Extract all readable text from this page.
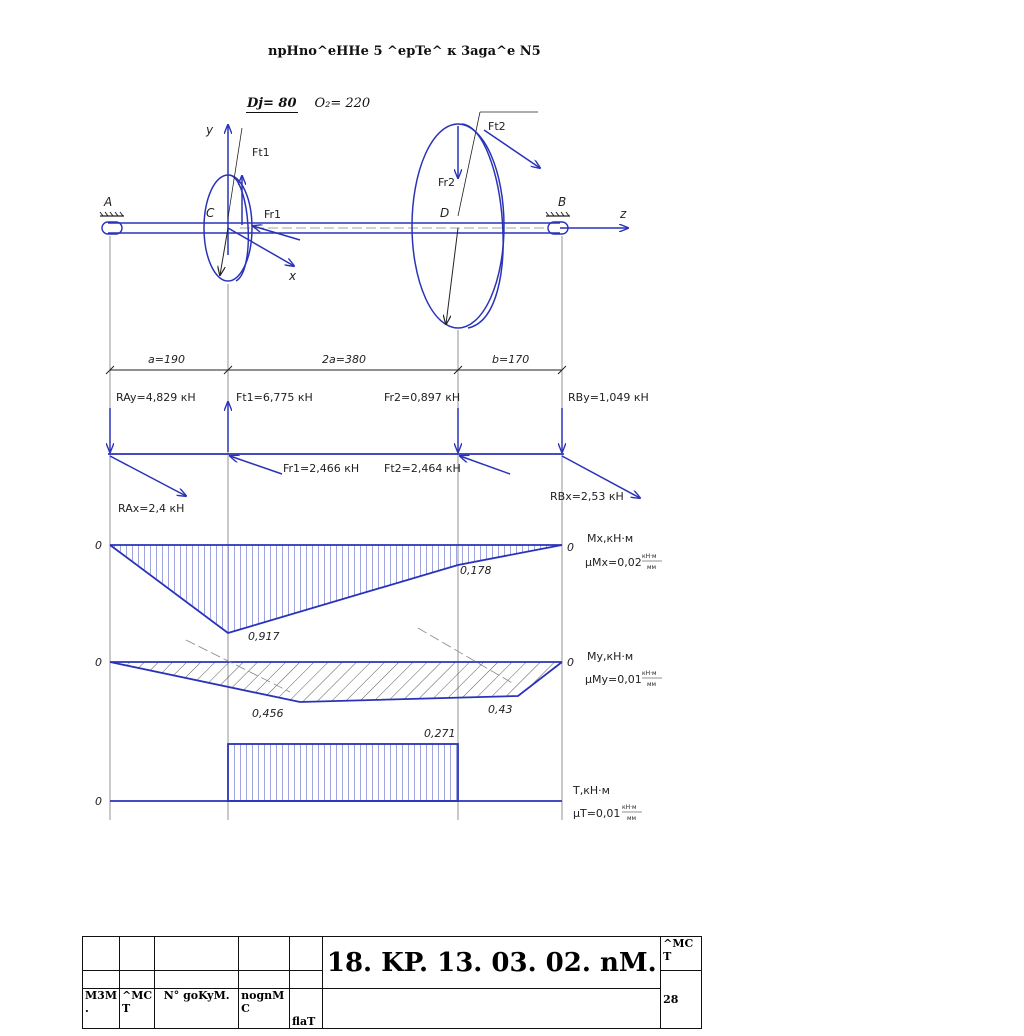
npHno^eHHe 5 ^epTe^ к 3aga^e N5
Dj= 80 O₂= 220
A	B
z
y
x
Ft1
Fr1
C
Ft2
Fr2
D
a=190	2a=380	b=170
RAy=4,829 кН	Ft1=6,775 кН	Fr2=0,897 кН	RBy=1,049 кН
Fr1=2,466 кН Ft2=2,464 кН
RAx=2,4 кН
RBx=2,53 кН
0	0
0,917
0,178
Mx,кН·м
μMx=0,02 кН·м
мм
0	0
0,456	0,43
My,кН·м
μMy=0,01 кН·м
мм
0
0,271
T,кН·м
μT=0,01 кН·м
мм
					18. KP. 13. 03. 02. nM.	^MC T
						28
M3M .	^MC T	N° goKyM.	nognM C	flaT		
